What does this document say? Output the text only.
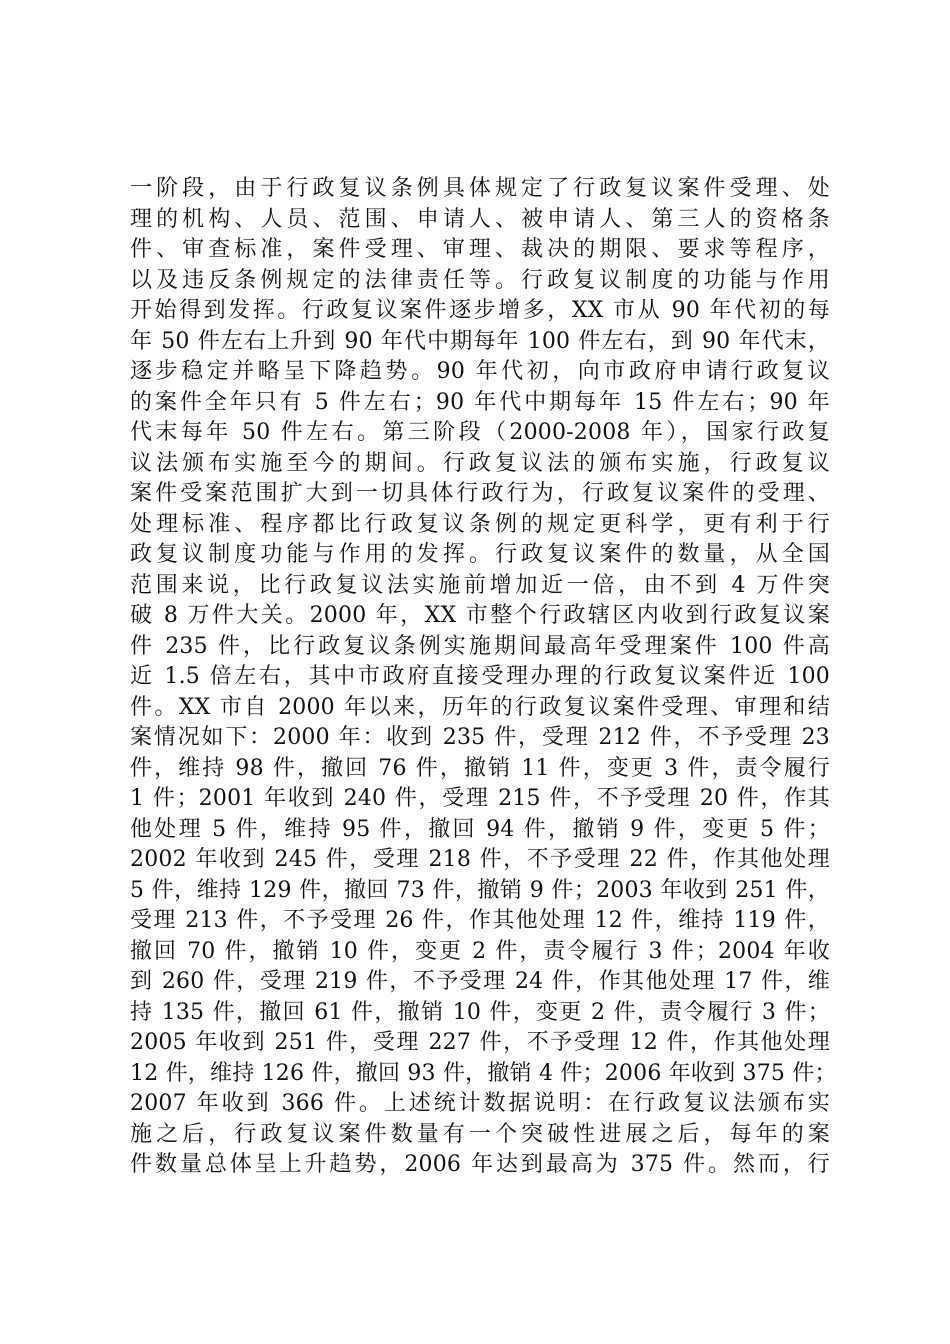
一阶段，由于行政复议条例具体规定了行政复议案件受理、处
理的机构、人员、范围、申请人、被申请人、第三人的资格条
件、审查标准，案件受理、审理、裁决的期限、要求等程序，
以及违反条例规定的法律责任等。行政复议制度的功能与作用
开始得到发挥。行政复议案件逐步增多，XX 市从 90 年代初的每
年 50 件左右上升到 90 年代中期每年 100 件左右，到 90 年代末，
逐步稳定并略呈下降趋势。90 年代初，向市政府申请行政复议
的案件全年只有 5 件左右；90 年代中期每年 15 件左右；90 年
代末每年 50 件左右。第三阶段（2000-2008 年），国家行政复
议法颁布实施至今的期间。行政复议法的颁布实施，行政复议
案件受案范围扩大到一切具体行政行为，行政复议案件的受理、
处理标准、程序都比行政复议条例的规定更科学，更有利于行
政复议制度功能与作用的发挥。行政复议案件的数量，从全国
范围来说，比行政复议法实施前增加近一倍，由不到 4 万件突
破 8 万件大关。2000 年，XX 市整个行政辖区内收到行政复议案
件 235 件，比行政复议条例实施期间最高年受理案件 100 件高
近 1.5 倍左右，其中市政府直接受理办理的行政复议案件近 100
件。XX 市自 2000 年以来，历年的行政复议案件受理、审理和结
案情况如下：2000 年：收到 235 件，受理 212 件，不予受理 23
件，维持 98 件，撤回 76 件，撤销 11 件，变更 3 件，责令履行
1 件；2001 年收到 240 件，受理 215 件，不予受理 20 件，作其
他处理 5 件，维持 95 件，撤回 94 件，撤销 9 件，变更 5 件；
2002 年收到 245 件，受理 218 件，不予受理 22 件，作其他处理
5 件，维持 129 件，撤回 73 件，撤销 9 件；2003 年收到 251 件，
受理 213 件，不予受理 26 件，作其他处理 12 件，维持 119 件，
撤回 70 件，撤销 10 件，变更 2 件，责令履行 3 件；2004 年收
到 260 件，受理 219 件，不予受理 24 件，作其他处理 17 件，维
持 135 件，撤回 61 件，撤销 10 件，变更 2 件，责令履行 3 件；
2005 年收到 251 件，受理 227 件，不予受理 12 件，作其他处理
12 件，维持 126 件，撤回 93 件，撤销 4 件；2006 年收到 375 件；
2007 年收到 366 件。上述统计数据说明：在行政复议法颁布实
施之后，行政复议案件数量有一个突破性进展之后，每年的案
件数量总体呈上升趋势，2006 年达到最高为 375 件。然而，行
